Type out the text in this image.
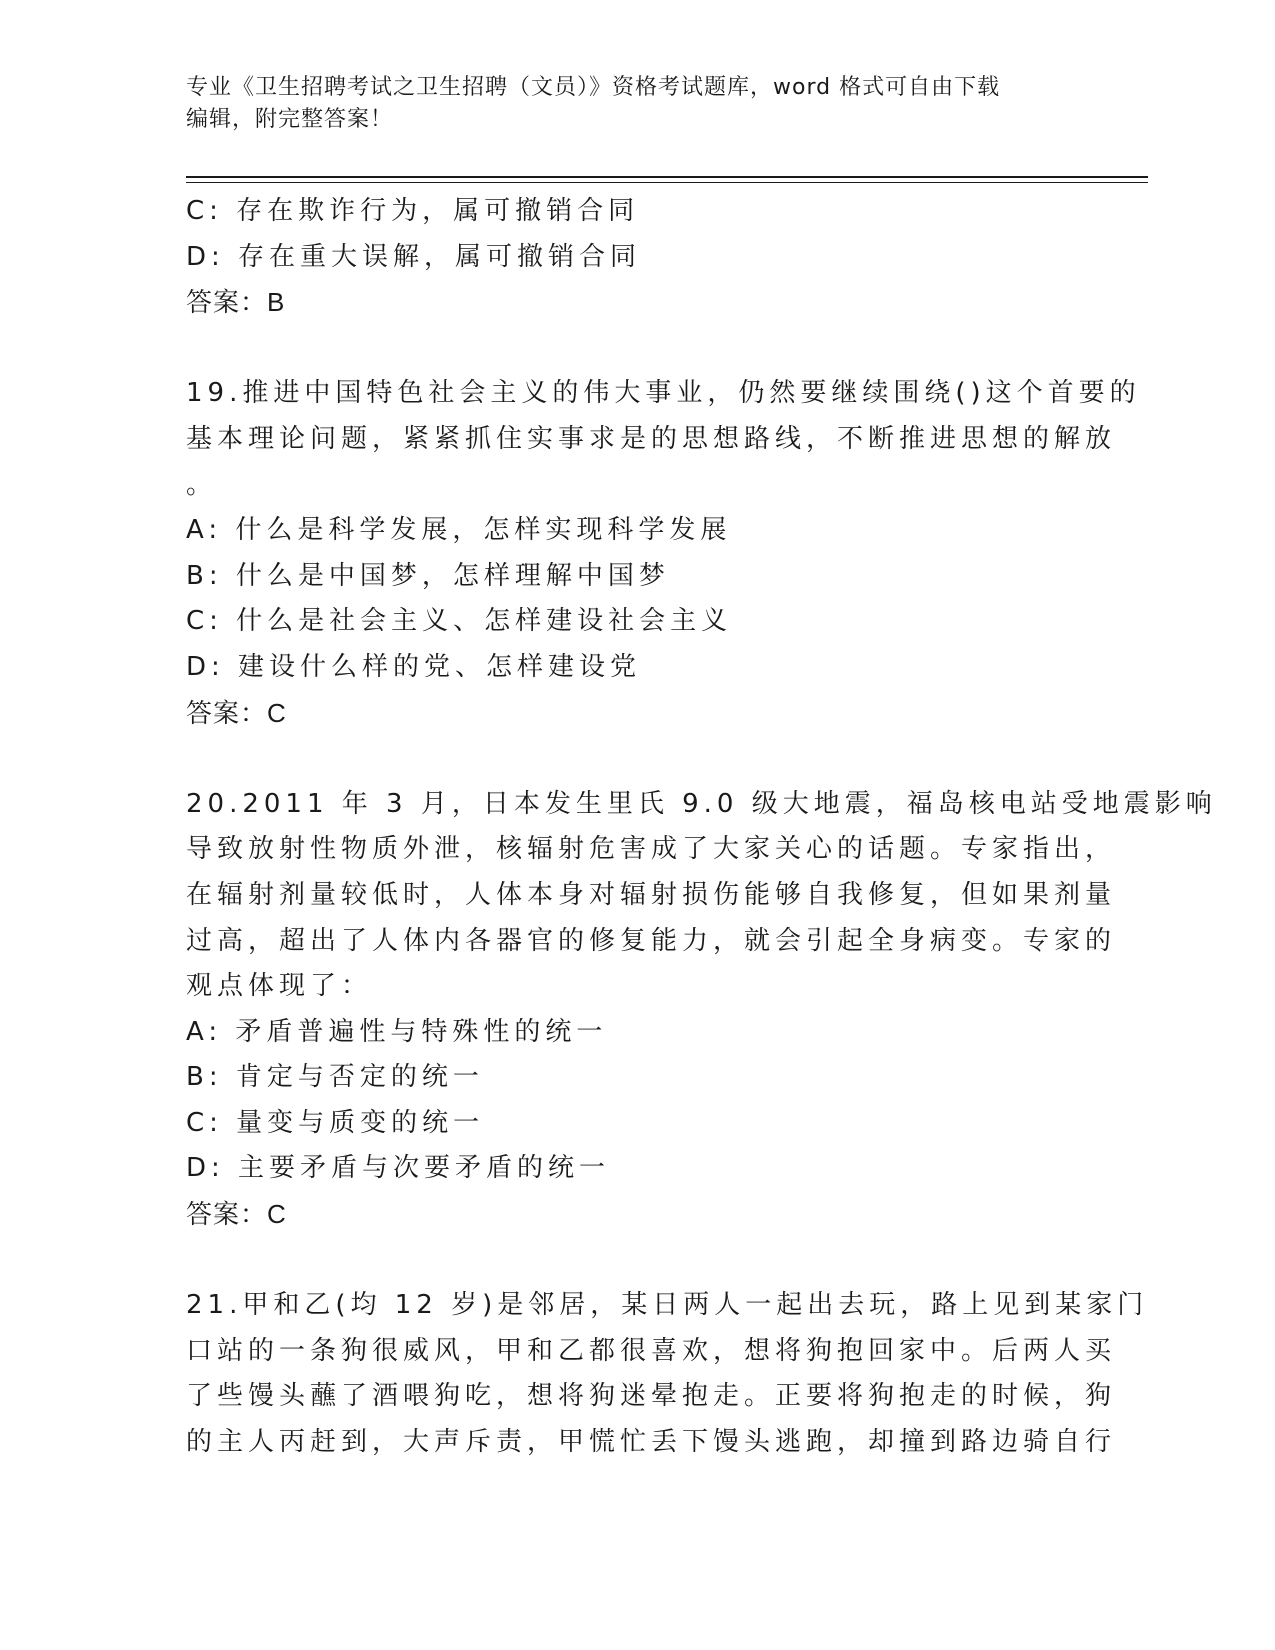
专业《卫生招聘考试之卫生招聘（文员）》资格考试题库，word 格式可自由下载
编辑，附完整答案！
C: 存在欺诈行为，属可撤销合同
D: 存在重大误解，属可撤销合同
答案：B
19.推进中国特色社会主义的伟大事业，仍然要继续围绕()这个首要的
基本理论问题，紧紧抓住实事求是的思想路线，不断推进思想的解放
。
A: 什么是科学发展，怎样实现科学发展
B: 什么是中国梦，怎样理解中国梦
C: 什么是社会主义、怎样建设社会主义
D: 建设什么样的党、怎样建设党
答案：C
20.2011 年 3 月，日本发生里氏 9.0 级大地震，福岛核电站受地震影响
导致放射性物质外泄，核辐射危害成了大家关心的话题。专家指出，
在辐射剂量较低时，人体本身对辐射损伤能够自我修复，但如果剂量
过高，超出了人体内各器官的修复能力，就会引起全身病变。专家的
观点体现了：
A: 矛盾普遍性与特殊性的统一
B: 肯定与否定的统一
C: 量变与质变的统一
D: 主要矛盾与次要矛盾的统一
答案：C
21.甲和乙(均 12 岁)是邻居，某日两人一起出去玩，路上见到某家门
口站的一条狗很威风，甲和乙都很喜欢，想将狗抱回家中。后两人买
了些馒头蘸了酒喂狗吃，想将狗迷晕抱走。正要将狗抱走的时候，狗
的主人丙赶到，大声斥责，甲慌忙丢下馒头逃跑，却撞到路边骑自行
